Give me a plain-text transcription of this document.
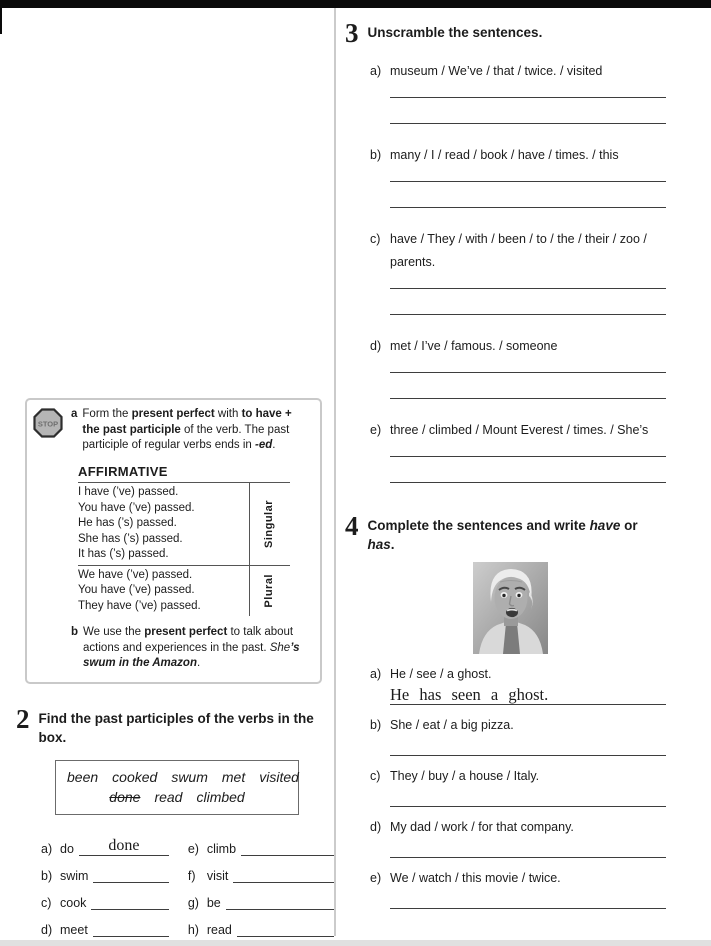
STOP
a Form the present perfect with to have + the past participle of the verb. The past participle of regular verbs ends in -ed.
AFFIRMATIVE
I have (’ve) passed.
You have (’ve) passed.
He has (’s) passed.
She has (’s) passed.
It has (’s) passed.
Singular
We have (’ve) passed.
You have (’ve) passed.
They have (’ve) passed.	Plural
b We use the present perfect to talk about actions and experiences in the past. She’s swum in the Amazon.
2 Find the past participles of the verbs in the box.
been cooked swum met visited
done read climbed
a) do	done
b) swim
c) cook
d) meet
e) climb
f) visit
g) be
h) read
3 Unscramble the sentences.
a) museum / We’ve / that / twice. / visited
b) many / I / read / book / have / times. / this
c) have / They / with / been / to / the / their / zoo / parents.
d) met / I’ve / famous. / someone
e) three / climbed / Mount Everest / times. / She’s
4 Complete the sentences and write have or has.
a) He / see / a ghost.
He has seen a ghost.
b) She / eat / a big pizza.
c) They / buy / a house / Italy.
d) My dad / work / for that company.
e) We / watch / this movie / twice.
